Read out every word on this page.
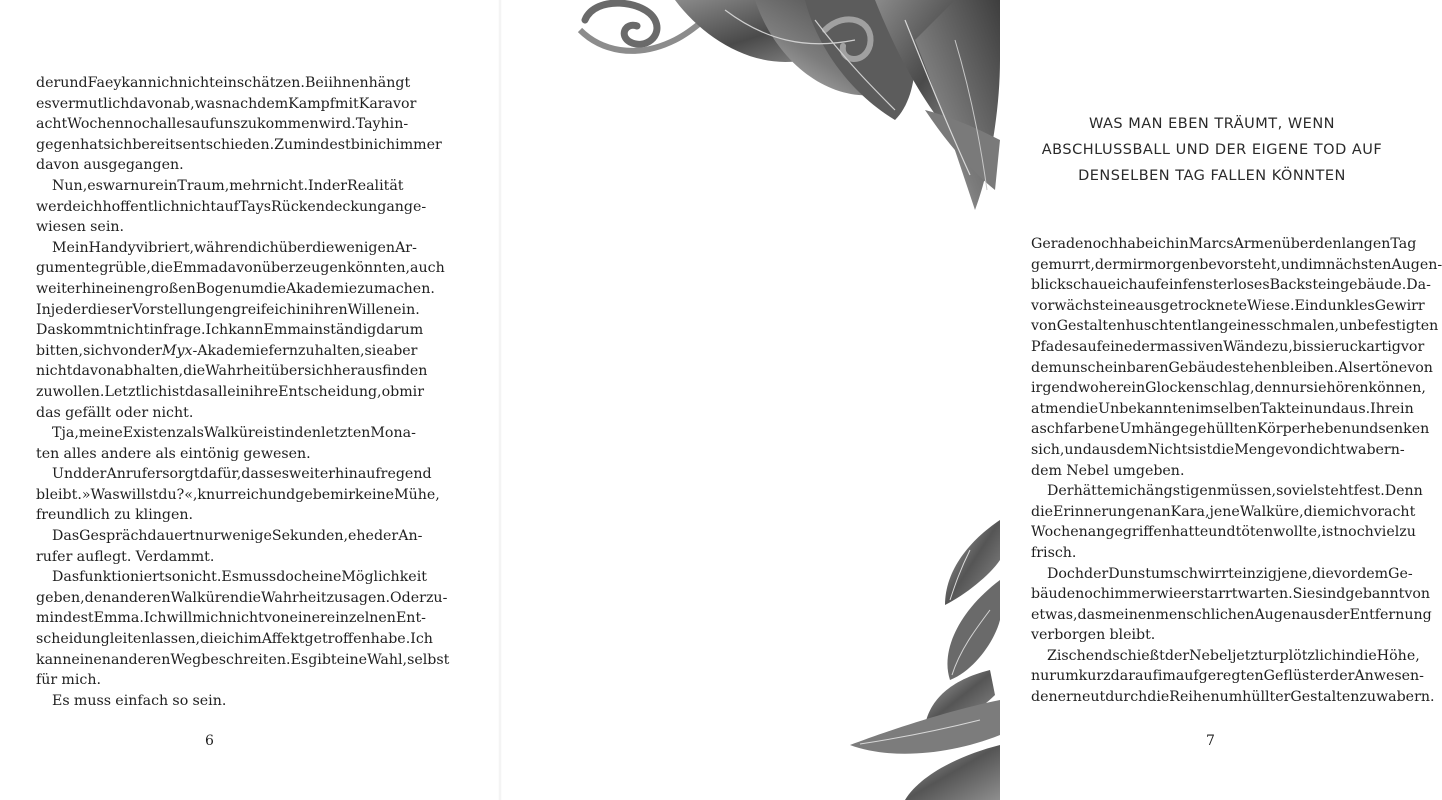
der und Faey kann ich nicht einschätzen. Bei ihnen hängt
es vermutlich davon ab, was nach dem Kampf mit Kara vor
acht Wochen noch alles auf uns zukommen wird. Tay hin-
gegen hat sich bereits entschieden. Zumindest bin ich immer
davon ausgegangen.
Nun, es war nur ein Traum, mehr nicht. In der Realität
werde ich hoffentlich nicht auf Tays Rückendeckung ange-
wiesen sein.
Mein Handy vibriert, während ich über die wenigen Ar-
gumente grüble, die Emma davon überzeugen könnten, auch
weiterhin einen großen Bogen um die Akademie zu machen.
In jeder dieser Vorstellungen greife ich in ihren Willen ein.
Das kommt nicht infrage. Ich kann Emma inständig darum
bitten, sich von der Myx-Akademie fernzuhalten, sie aber
nicht davon abhalten, die Wahrheit über sich herausfinden
zu wollen. Letztlich ist das allein ihre Entscheidung, ob mir
das gefällt oder nicht.
Tja, meine Existenz als Walküre ist in den letzten Mona-
ten alles andere als eintönig gewesen.
Und der Anrufer sorgt dafür, dass es weiterhin aufregend
bleibt. »Was willst du?«, knurre ich und gebe mir keine Mühe,
freundlich zu klingen.
Das Gespräch dauert nur wenige Sekunden, ehe der An-
rufer auflegt. Verdammt.
Das funktioniert so nicht. Es muss doch eine Möglichkeit
geben, den anderen Walküren die Wahrheit zu sagen. Oder zu-
mindest Emma. Ich will mich nicht von einer einzelnen Ent-
scheidung leiten lassen, die ich im Affekt getroffen habe. Ich
kann einen anderen Weg beschreiten. Es gibt eine Wahl, selbst
für mich.
Es muss einfach so sein.
6
WAS MAN EBEN TRÄUMT, WENN
ABSCHLUSSBALL UND DER EIGENE TOD AUF
DENSELBEN TAG FALLEN KÖNNTEN
Gerade noch habe ich in Marcs Armen über den langen Tag
gemurrt, der mir morgen bevorsteht, und im nächsten Augen-
blick schaue ich auf ein fensterloses Backsteingebäude. Da-
vor wächst eine ausgetrocknete Wiese. Ein dunkles Gewirr
von Gestalten huscht entlang eines schmalen, unbefestigten
Pfades auf eine der massiven Wände zu, bis sie ruckartig vor
dem unscheinbaren Gebäude stehen bleiben. Als ertöne von
irgendwoher ein Glockenschlag, den nur sie hören können,
atmen die Unbekannten im selben Takt ein und aus. Ihre in
aschfarbene Umhänge gehüllten Körper heben und senken
sich, und aus dem Nichts ist die Menge von dicht wabern-
dem Nebel umgeben.
Der hätte mich ängstigen müssen, so viel steht fest. Denn
die Erinnerungen an Kara, jene Walküre, die mich vor acht
Wochen angegriffen hatte und töten wollte, ist noch viel zu
frisch.
Doch der Dunst umschwirrt einzig jene, die vor dem Ge-
bäude noch immer wie erstarrt warten. Sie sind gebannt von
etwas, das meinen menschlichen Augen aus der Entfernung
verborgen bleibt.
Zischend schießt der Nebel jetzt urplötzlich in die Höhe,
nur um kurz darauf im aufgeregten Geflüster der Anwesen-
den erneut durch die Reihen umhüllter Gestalten zu wabern.
7
